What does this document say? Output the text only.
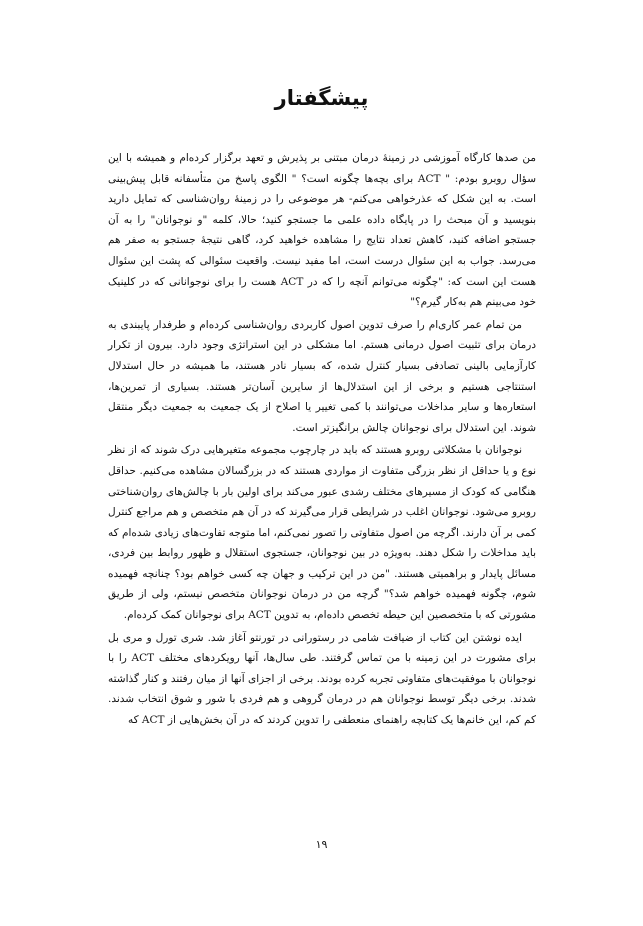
پیشگفتار

من صدها کارگاه آموزشی در زمینهٔ درمان مبتنی بر پذیرش و تعهد برگزار کرده‌ام و همیشه با این سؤال روبرو بودم: " ACT برای بچه‌ها چگونه است؟ " الگوی پاسخ من متأسفانه قابل پیش‌بینی است. به این شکل که عذرخواهی می‌کنم- هر موضوعی را در زمینهٔ روان‌شناسی که تمایل دارید بنویسید و آن مبحث را در پایگاه داده علمی ما جستجو کنید؛ حالا، کلمه "و نوجوانان" را به آن جستجو اضافه کنید، کاهش تعداد نتایج را مشاهده خواهید کرد، گاهی نتیجهٔ جستجو به صفر هم می‌رسد. جواب به این سئوال درست است، اما مفید نیست. واقعیت سئوالی که پشت این سئوال هست این است که: "چگونه می‌توانم آنچه را که در ACT هست را برای نوجوانانی که در کلینیک خود می‌بینم هم به‌کار گیرم؟"

من تمام عمر کاری‌ام را صرف تدوین اصول کاربردی روان‌شناسی کرده‌ام و طرفدار پایبندی به درمان برای تثبیت اصول درمانی هستم. اما مشکلی در این استراتژی وجود دارد. بیرون از تکرار کارآزمایی بالینی تصادفی بسیار کنترل شده، که بسیار نادر هستند، ما همیشه در حال استدلال استنتاجی هستیم و برخی از این استدلال‌ها از سایرین آسان‌تر هستند. بسیاری از تمرین‌ها، استعاره‌ها و سایر مداخلات می‌توانند با کمی تغییر یا اصلاح از یک جمعیت به جمعیت دیگر منتقل شوند. این استدلال برای نوجوانان چالش برانگیزتر است.

نوجوانان با مشکلاتی روبرو هستند که باید در چارچوب مجموعه متغیرهایی درک شوند که از نظر نوع و یا حداقل از نظر بزرگی متفاوت از مواردی هستند که در بزرگسالان مشاهده می‌کنیم. حداقل هنگامی که کودک از مسیرهای مختلف رشدی عبور می‌کند برای اولین بار با چالش‌های روان‌شناختی روبرو می‌شود. نوجوانان اغلب در شرایطی قرار می‌گیرند که در آن هم متخصص و هم مراجع کنترل کمی بر آن دارند. اگرچه من اصول متفاوتی را تصور نمی‌کنم، اما متوجه تفاوت‌های زیادی شده‌ام که باید مداخلات را شکل دهند. به‌ویژه در بین نوجوانان، جستجوی استقلال و ظهور روابط بین فردی، مسائل پایدار و براهمیتی هستند. "من در این ترکیب و جهان چه کسی خواهم بود؟ چنانچه فهمیده شوم، چگونه فهمیده خواهم شد؟" گرچه من در درمان نوجوانان متخصص نیستم، ولی از طریق مشورتی که با متخصصین این حیطه تخصص داده‌ام، به تدوین ACT برای نوجوانان کمک کرده‌ام.

ایده نوشتن این کتاب از ضیافت شامی در رستورانی در تورنتو آغاز شد. شری تورل و مری بل برای مشورت در این زمینه با من تماس گرفتند. طی سال‌ها، آنها رویکردهای مختلف ACT را با نوجوانان با موفقیت‌های متفاوتی تجربه کرده بودند. برخی از اجزای آنها از میان رفتند و کنار گذاشته شدند. برخی دیگر توسط نوجوانان هم در درمان گروهی و هم فردی با شور و شوق انتخاب شدند. کم کم، این خانم‌ها یک کتابچه راهنمای منعطفی را تدوین کردند که در آن بخش‌هایی از ACT که

۱۹
